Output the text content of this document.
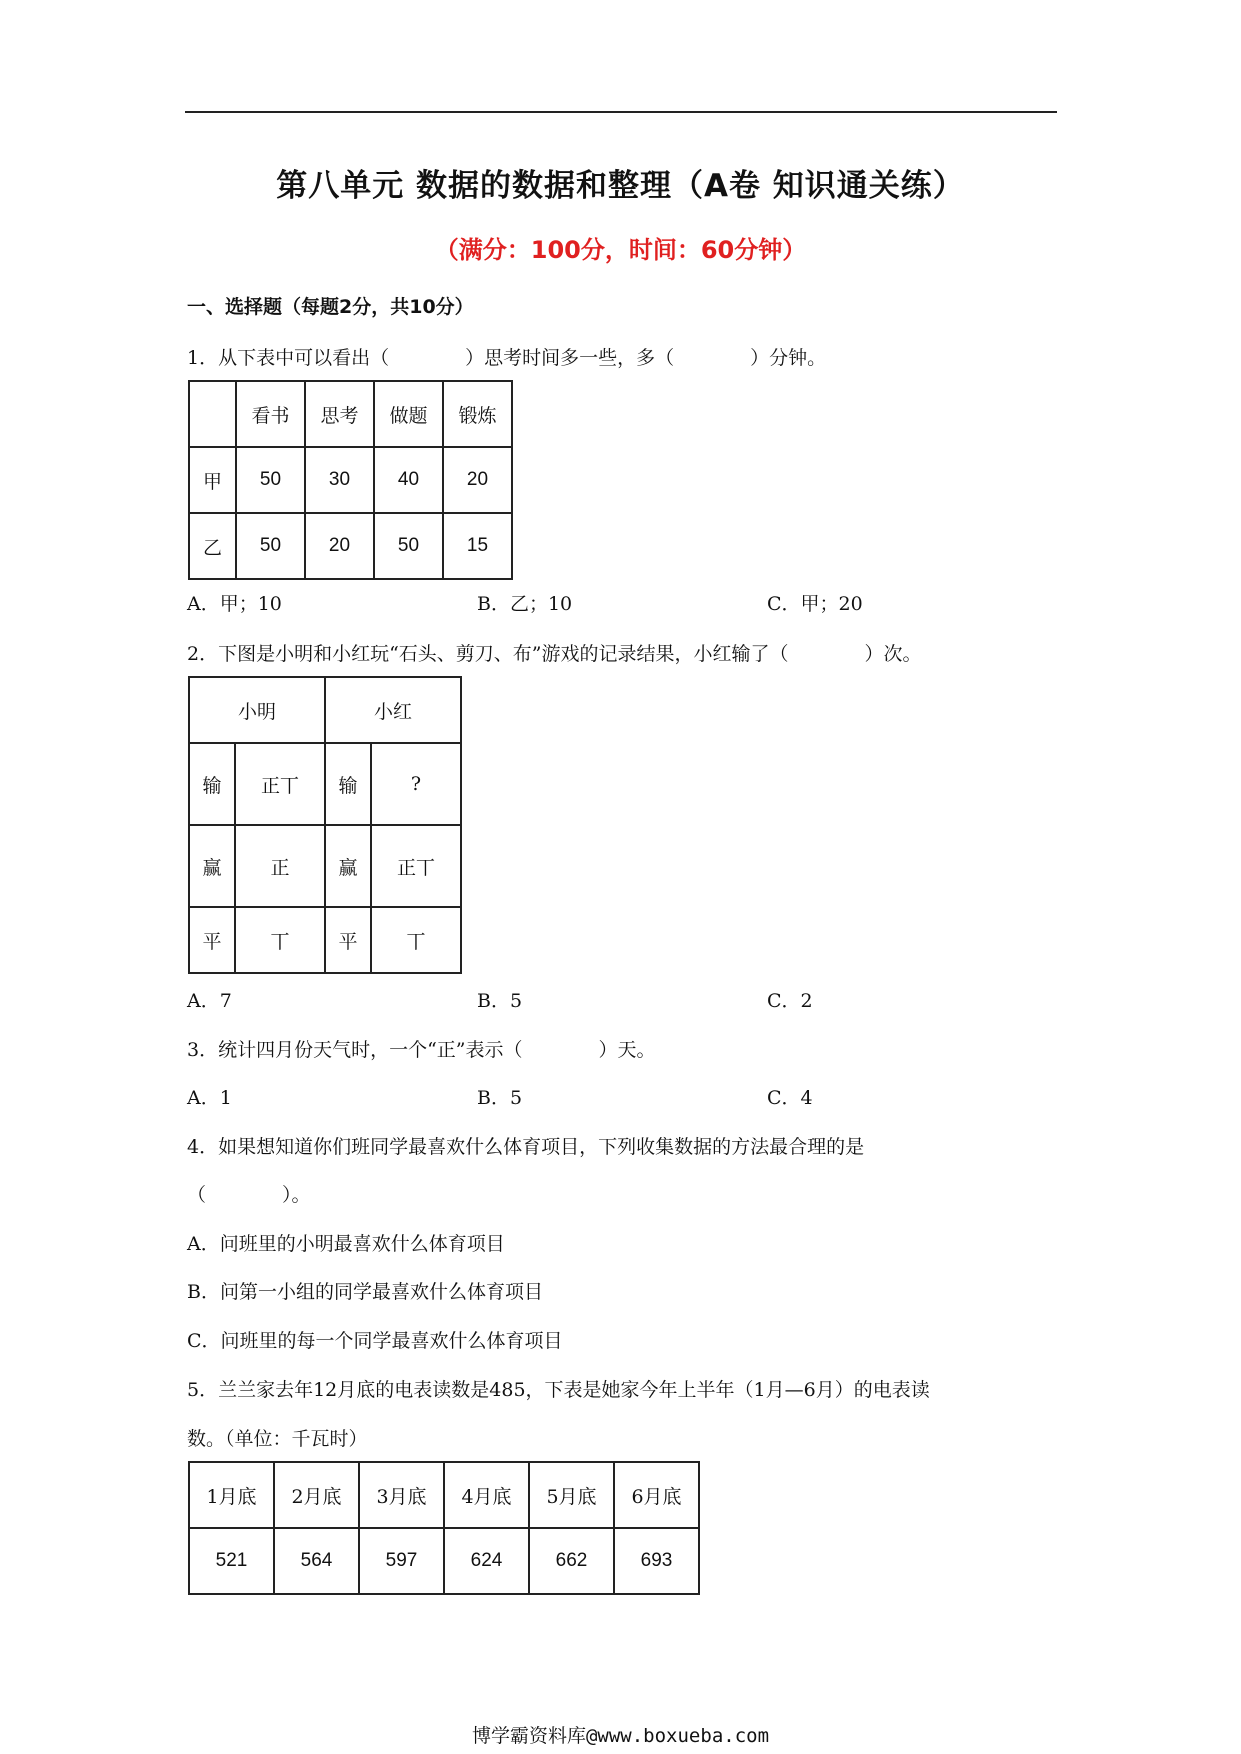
第八单元 数据的数据和整理（A卷 知识通关练）
（满分：100分，时间：60分钟）
一、选择题（每题2分，共10分）
1．从下表中可以看出（　　　　）思考时间多一些，多（　　　　）分钟。
	看书	思考	做题	锻炼
甲	50	30	40	20
乙	50	20	50	15
A．甲；10	B．乙；10	C．甲；20
2．下图是小明和小红玩“石头、剪刀、布”游戏的记录结果，小红输了（　　　　）次。
小明		小红	
输	正丅	输	?
赢	正	赢	正丅
平	丅	平	丅
A．7	B．5	C．2
3．统计四月份天气时，一个“正”表示（　　　　）天。
A．1	B．5	C．4
4．如果想知道你们班同学最喜欢什么体育项目，下列收集数据的方法最合理的是
（　　　　）。
A．问班里的小明最喜欢什么体育项目
B．问第一小组的同学最喜欢什么体育项目
C．问班里的每一个同学最喜欢什么体育项目
5．兰兰家去年12月底的电表读数是485，下表是她家今年上半年（1月—6月）的电表读
数。（单位：千瓦时）
1月底	2月底	3月底	4月底	5月底	6月底
521	564	597	624	662	693
博学霸资料库@www.boxueba.com
